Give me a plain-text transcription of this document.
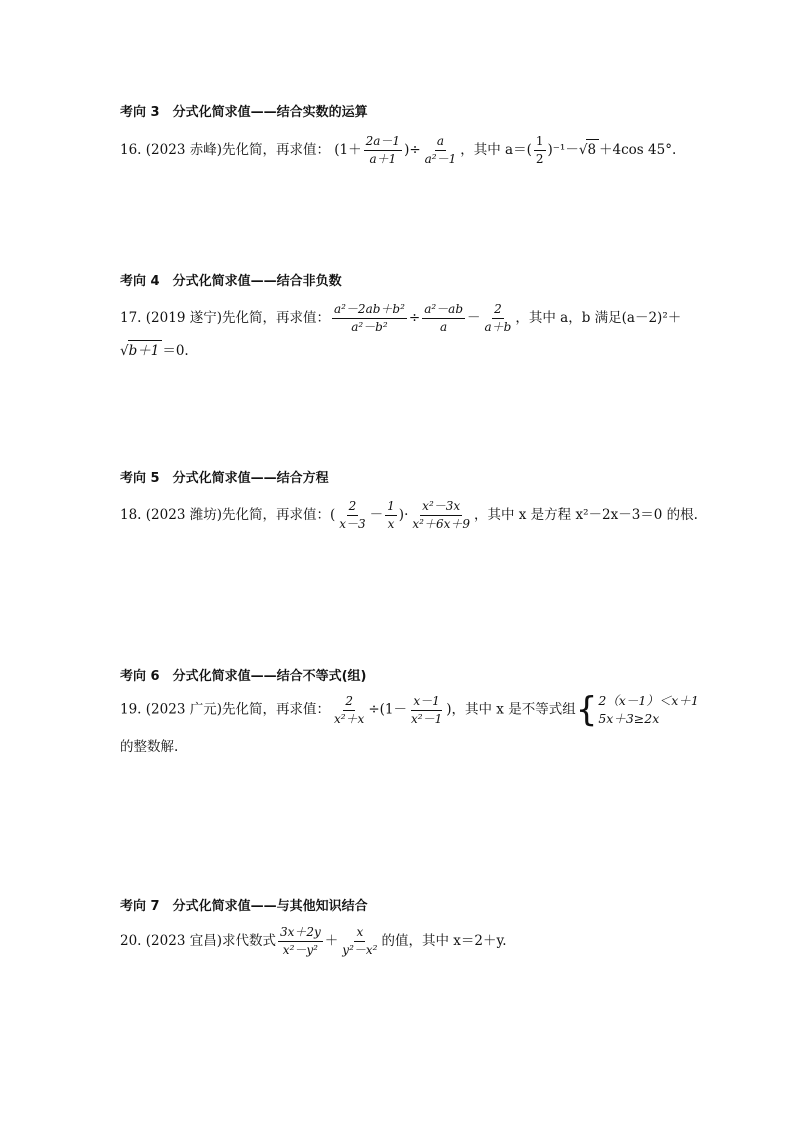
考向 3　分式化简求值——结合实数的运算
16. (2023 赤峰)先化简，再求值： ($1+ \frac{2a-1}{a+1}$ )÷ $\frac{a}{\text{a²－1}}$ ，其中 $a=( \frac{1}{2} )^{-1}-√8 +4\cos$ 45°.
考向 4　分式化简求值——结合非负数
17. (2019 遂宁)先化简，再求值： $\frac{\text{a²－2ab＋b²}}{\text{a²－b²}} \div \frac{\text{a²－ab}}{a} - \frac{2}{a+b}$ ，其中 a，b 满足(a－2)²＋
√b＋1 ＝0.
考向 5　分式化简求值——结合方程
18. (2023 潍坊)先化简，再求值：( $\frac{2}{x-3} - \frac{1}{x}$ )· $\frac{\text{x²－3x}}{\text{x²＋6x＋9}}$ ，其中 x 是方程 x²－2x－3＝0 的根.
考向 6　分式化简求值——结合不等式(组)
19. (2023 广元)先化简，再求值： $\frac{2}{\text{x²＋x}} \div(1- \frac{x-1}{\text{x²－1}}$ )，其中 x 是不等式组 { 2（x－1）＜x＋1
5x＋3≥2x
的整数解.
考向 7　分式化简求值——与其他知识结合
20. (2023 宜昌)求代数式 $\frac{3x+2y}{\text{x²－y²}} + \frac{x}{\text{y²－x²}}$ 的值，其中 x＝2＋y.
